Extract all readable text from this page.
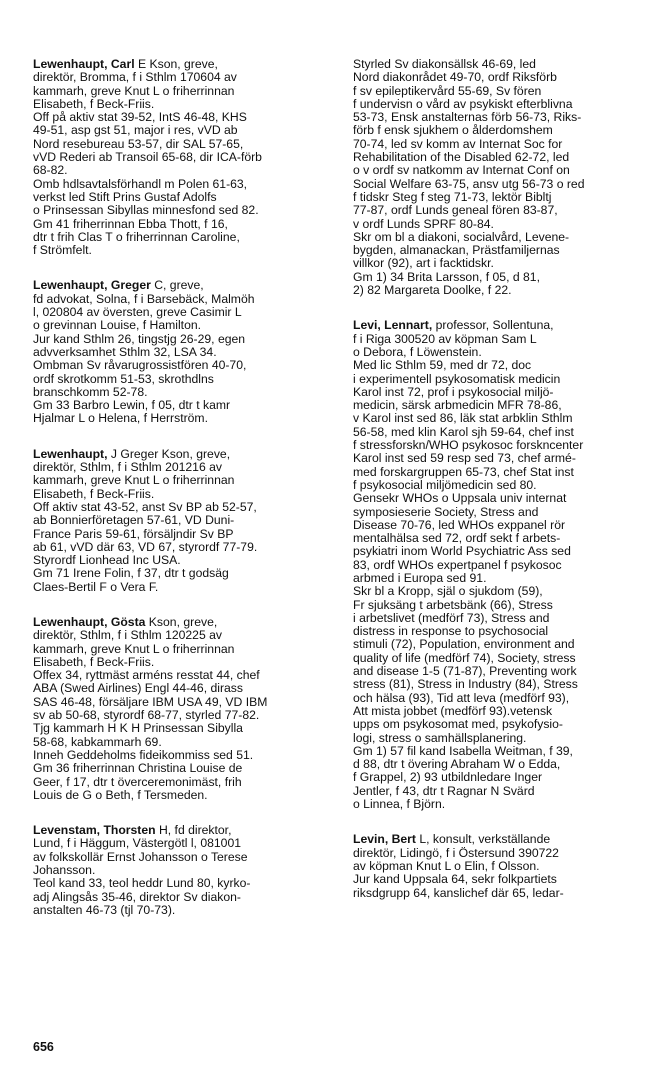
Lewenhaupt, Carl E Kson, greve,
direktör, Bromma, f i Sthlm 170604 av
kammarh, greve Knut L o friherrinnan
Elisabeth, f Beck-Friis.
Off på aktiv stat 39-52, IntS 46-48, KHS
49-51, asp gst 51, major i res, vVD ab
Nord resebureau 53-57, dir SAL 57-65,
vVD Rederi ab Transoil 65-68, dir ICA-förb
68-82.
Omb hdlsavtalsförhandl m Polen 61-63,
verkst led Stift Prins Gustaf Adolfs
o Prinsessan Sibyllas minnesfond sed 82.
Gm 41 friherrinnan Ebba Thott, f 16,
dtr t frih Clas T o friherrinnan Caroline,
f Strömfelt.
Lewenhaupt, Greger C, greve,
fd advokat, Solna, f i Barsebäck, Malmöh
l, 020804 av översten, greve Casimir L
o grevinnan Louise, f Hamilton.
Jur kand Sthlm 26, tingstjg 26-29, egen
advverksamhet Sthlm 32, LSA 34.
Ombman Sv råvarugrossistfören 40-70,
ordf skrotkomm 51-53, skrothdlns
branschkomm 52-78.
Gm 33 Barbro Lewin, f 05, dtr t kamr
Hjalmar L o Helena, f Herrström.
Lewenhaupt, J Greger Kson, greve,
direktör, Sthlm, f i Sthlm 201216 av
kammarh, greve Knut L o friherrinnan
Elisabeth, f Beck-Friis.
Off aktiv stat 43-52, anst Sv BP ab 52-57,
ab Bonnierföretagen 57-61, VD Duni-
France Paris 59-61, försäljndir Sv BP
ab 61, vVD där 63, VD 67, styrordf 77-79.
Styrordf Lionhead Inc USA.
Gm 71 Irene Folin, f 37, dtr t godsäg
Claes-Bertil F o Vera F.
Lewenhaupt, Gösta Kson, greve,
direktör, Sthlm, f i Sthlm 120225 av
kammarh, greve Knut L o friherrinnan
Elisabeth, f Beck-Friis.
Offex 34, ryttmäst arméns resstat 44, chef
ABA (Swed Airlines) Engl 44-46, dirass
SAS 46-48, försäljare IBM USA 49, VD IBM
sv ab 50-68, styrordf 68-77, styrled 77-82.
Tjg kammarh H K H Prinsessan Sibylla
58-68, kabkammarh 69.
Inneh Geddeholms fideikommiss sed 51.
Gm 36 friherrinnan Christina Louise de
Geer, f 17, dtr t överceremonimäst, frih
Louis de G o Beth, f Tersmeden.
Levenstam, Thorsten H, fd direktor,
Lund, f i Häggum, Västergötl l, 081001
av folkskollär Ernst Johansson o Terese
Johansson.
Teol kand 33, teol heddr Lund 80, kyrko-
adj Alingsås 35-46, direktor Sv diakon-
anstalten 46-73 (tjl 70-73).
Styrled Sv diakonsällsk 46-69, led
Nord diakonrådet 49-70, ordf Riksförb
f sv epileptikervård 55-69, Sv fören
f undervisn o vård av psykiskt efterblivna
53-73, Ensk anstalternas förb 56-73, Riks-
förb f ensk sjukhem o ålderdomshem
70-74, led sv komm av Internat Soc for
Rehabilitation of the Disabled 62-72, led
o v ordf sv natkomm av Internat Conf on
Social Welfare 63-75, ansv utg 56-73 o red
f tidskr Steg f steg 71-73, lektör Bibltj
77-87, ordf Lunds geneal fören 83-87,
v ordf Lunds SPRF 80-84.
Skr om bl a diakoni, socialvård, Levene-
bygden, almanackan, Prästfamiljernas
villkor (92), art i facktidskr.
Gm 1) 34 Brita Larsson, f 05, d 81,
2) 82 Margareta Doolke, f 22.
Levi, Lennart, professor, Sollentuna,
f i Riga 300520 av köpman Sam L
o Debora, f Löwenstein.
Med lic Sthlm 59, med dr 72, doc
i experimentell psykosomatisk medicin
Karol inst 72, prof i psykosocial miljö-
medicin, särsk arbmedicin MFR 78-86,
v Karol inst sed 86, läk stat arbklin Sthlm
56-58, med klin Karol sjh 59-64, chef inst
f stressforskn/WHO psykosoc forskncenter
Karol inst sed 59 resp sed 73, chef armé-
med forskargruppen 65-73, chef Stat inst
f psykosocial miljömedicin sed 80.
Gensekr WHOs o Uppsala univ internat
symposieserie Society, Stress and
Disease 70-76, led WHOs exppanel rör
mentalhälsa sed 72, ordf sekt f arbets-
psykiatri inom World Psychiatric Ass sed
83, ordf WHOs expertpanel f psykosoc
arbmed i Europa sed 91.
Skr bl a Kropp, själ o sjukdom (59),
Fr sjuksäng t arbetsbänk (66), Stress
i arbetslivet (medförf 73), Stress and
distress in response to psychosocial
stimuli (72), Population, environment and
quality of life (medförf 74), Society, stress
and disease 1-5 (71-87), Preventing work
stress (81), Stress in Industry (84), Stress
och hälsa (93), Tid att leva (medförf 93),
Att mista jobbet (medförf 93).vetensk
upps om psykosomat med, psykofysio-
logi, stress o samhällsplanering.
Gm 1) 57 fil kand Isabella Weitman, f 39,
d 88, dtr t övering Abraham W o Edda,
f Grappel, 2) 93 utbildnledare Inger
Jentler, f 43, dtr t Ragnar N Svärd
o Linnea, f Björn.
Levin, Bert L, konsult, verkställande
direktör, Lidingö, f i Östersund 390722
av köpman Knut L o Elin, f Olsson.
Jur kand Uppsala 64, sekr folkpartiets
riksdgrupp 64, kanslichef där 65, ledar-
656
